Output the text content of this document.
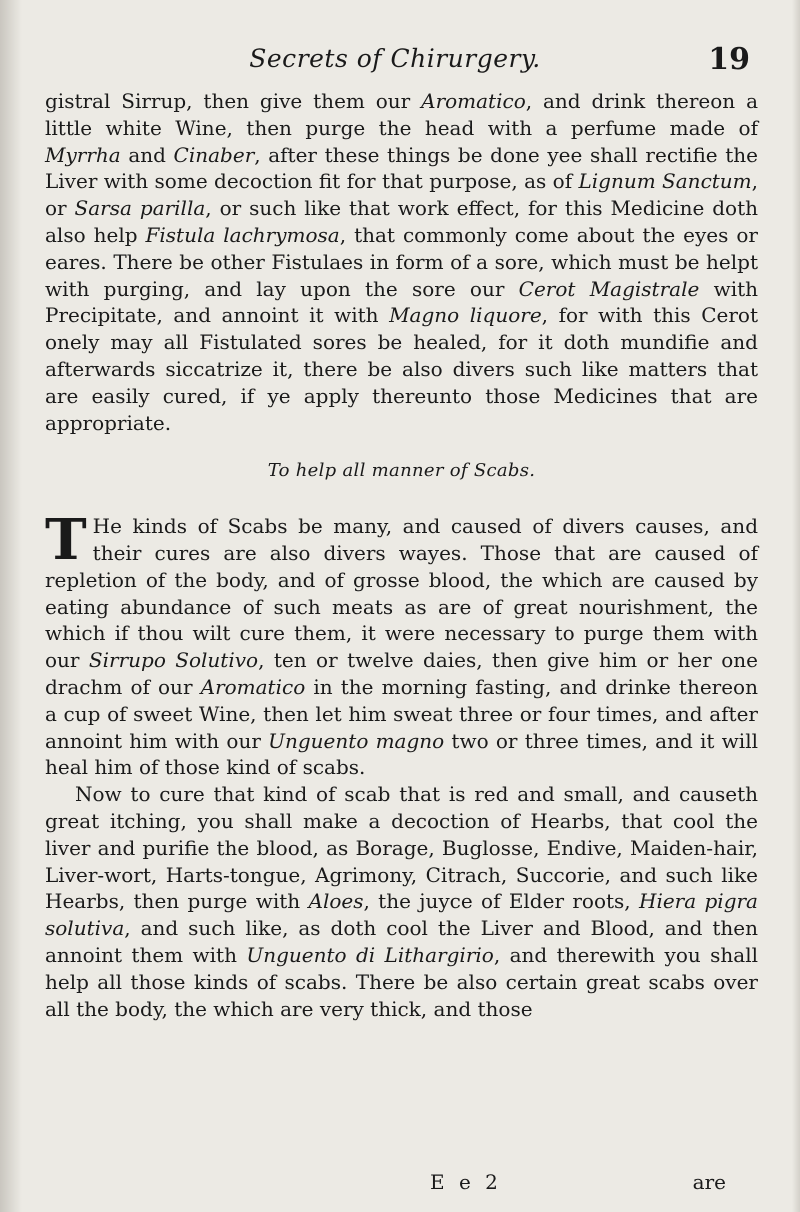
Secrets of Chirurgery.	19

gistral Sirrup, then give them our Aromatico, and drink thereon a little white Wine, then purge the head with a perfume made of Myrrha and Cinaber, after these things be done yee shall rectifie the Liver with some decoction fit for that purpose, as of Lignum Sanctum, or Sarsa parilla, or such like that work effect, for this Medicine doth also help Fistula lachrymosa, that commonly come about the eyes or eares. There be other Fistulaes in form of a sore, which must be helpt with purging, and lay upon the sore our Cerot Magistrale with Precipitate, and annoint it with Magno liquore, for with this Cerot onely may all Fistulated sores be healed, for it doth mundifie and afterwards siccatrize it, there be also divers such like matters that are easily cured, if ye apply thereunto those Medicines that are appropriate.

To help all manner of Scabs.

T He kinds of Scabs be many, and caused of divers causes, and their cures are also divers wayes. Those that are caused of repletion of the body, and of grosse blood, the which are caused by eating abundance of such meats as are of great nourishment, the which if thou wilt cure them, it were necessary to purge them with our Sirrupo Solutivo, ten or twelve daies, then give him or her one drachm of our Aromatico in the morning fasting, and drinke thereon a cup of sweet Wine, then let him sweat three or four times, and after annoint him with our Unguento magno two or three times, and it will heal him of those kind of scabs.

Now to cure that kind of scab that is red and small, and causeth great itching, you shall make a decoction of Hearbs, that cool the liver and purifie the blood, as Borage, Buglosse, Endive, Maiden-hair, Liver-wort, Harts-tongue, Agrimony, Citrach, Succorie, and such like Hearbs, then purge with Aloes, the juyce of Elder roots, Hiera pigra solutiva, and such like, as doth cool the Liver and Blood, and then annoint them with Unguento di Lithargirio, and therewith you shall help all those kinds of scabs. There be also certain great scabs over all the body, the which are very thick, and those

E e 2	are
